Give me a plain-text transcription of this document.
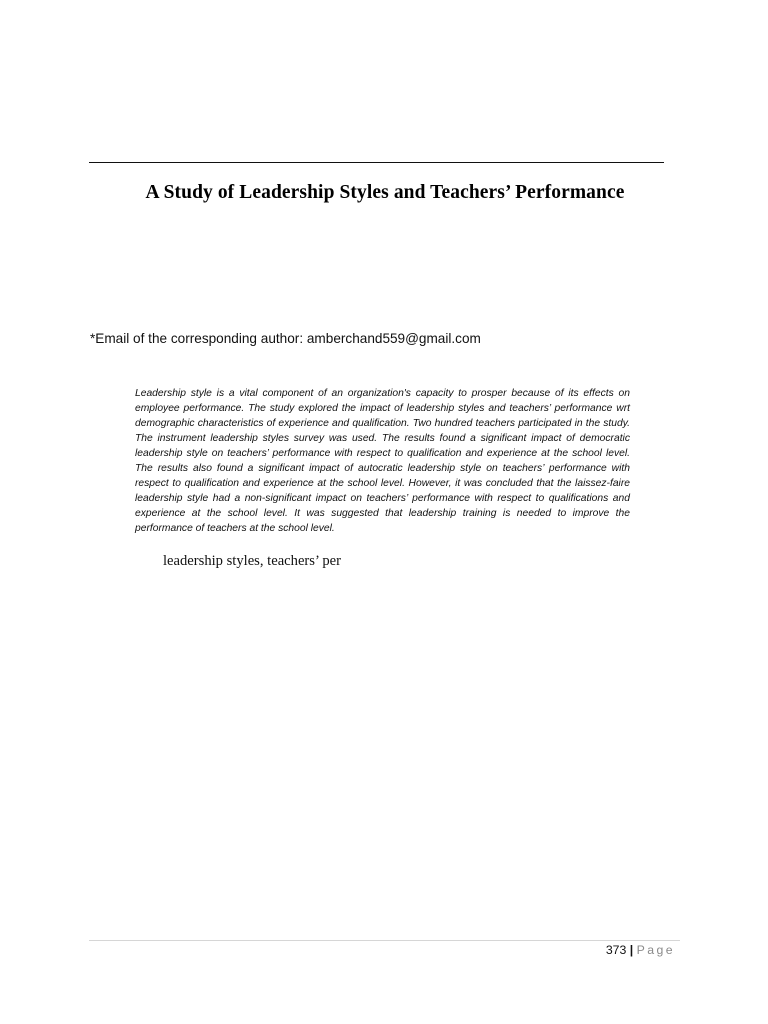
A Study of Leadership Styles and Teachers’ Performance
*Email of the corresponding author: amberchand559@gmail.com

Leadership style is a vital component of an organization's capacity to prosper because of its effects on employee performance. The study explored the impact of leadership styles and teachers’ performance wrt demographic characteristics of experience and qualification. Two hundred teachers participated in the study. The instrument leadership styles survey was used. The results found a significant impact of democratic leadership style on teachers’ performance with respect to qualification and experience at the school level. The results also found a significant impact of autocratic leadership style on teachers’ performance with respect to qualification and experience at the school level. However, it was concluded that the laissez-faire leadership style had a non-significant impact on teachers’ performance with respect to qualifications and experience at the school level. It was suggested that leadership training is needed to improve the performance of teachers at the school level.

leadership styles, teachers’ per
373 | Page
